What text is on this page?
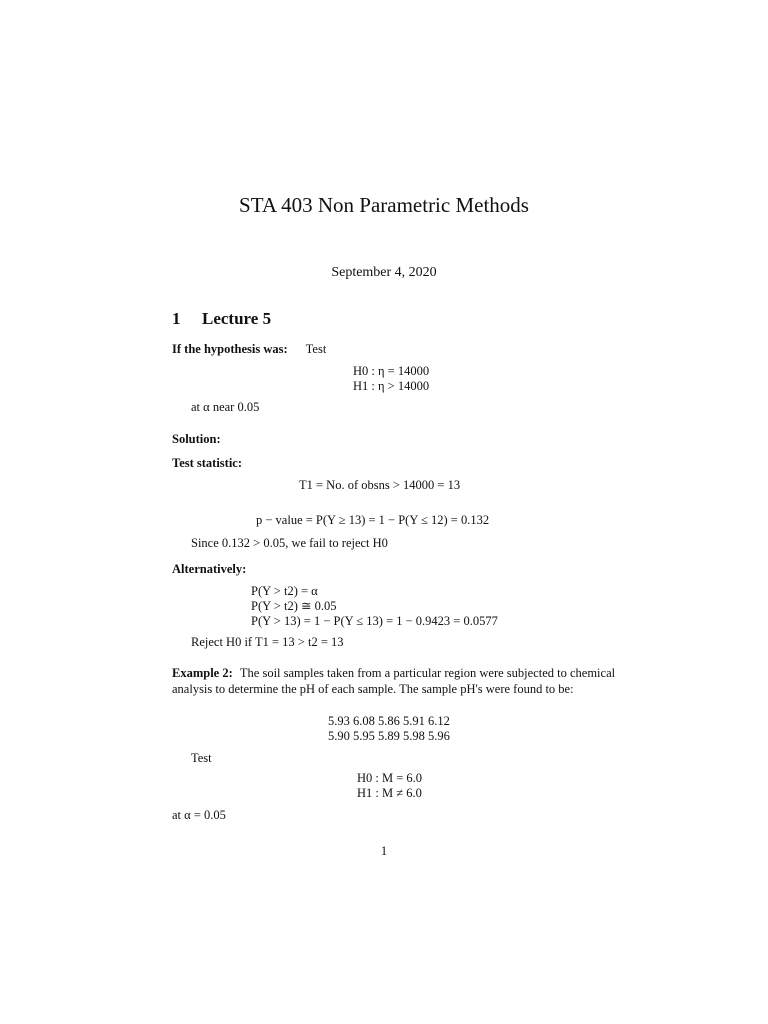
STA 403 Non Parametric Methods
September 4, 2020
1 Lecture 5
If the hypothesis was: Test
H0 : η = 14000
H1 : η > 14000
at α near 0.05
Solution:
Test statistic:
T1 = No. of obsns > 14000 = 13
p − value = P(Y ≥ 13) = 1 − P(Y ≤ 12) = 0.132
Since 0.132 > 0.05, we fail to reject H0
Alternatively:
P(Y > t2) = α
P(Y > t2) ≅ 0.05
P(Y > 13) = 1 − P(Y ≤ 13) = 1 − 0.9423 = 0.0577
Reject H0 if T1 = 13 > t2 = 13
Example 2: The soil samples taken from a particular region were subjected to chemical analysis to determine the pH of each sample. The sample pH's were found to be:
5.93 6.08 5.86 5.91 6.12
5.90 5.95 5.89 5.98 5.96
Test
H0 : M = 6.0
H1 : M ≠ 6.0
at α = 0.05
1
